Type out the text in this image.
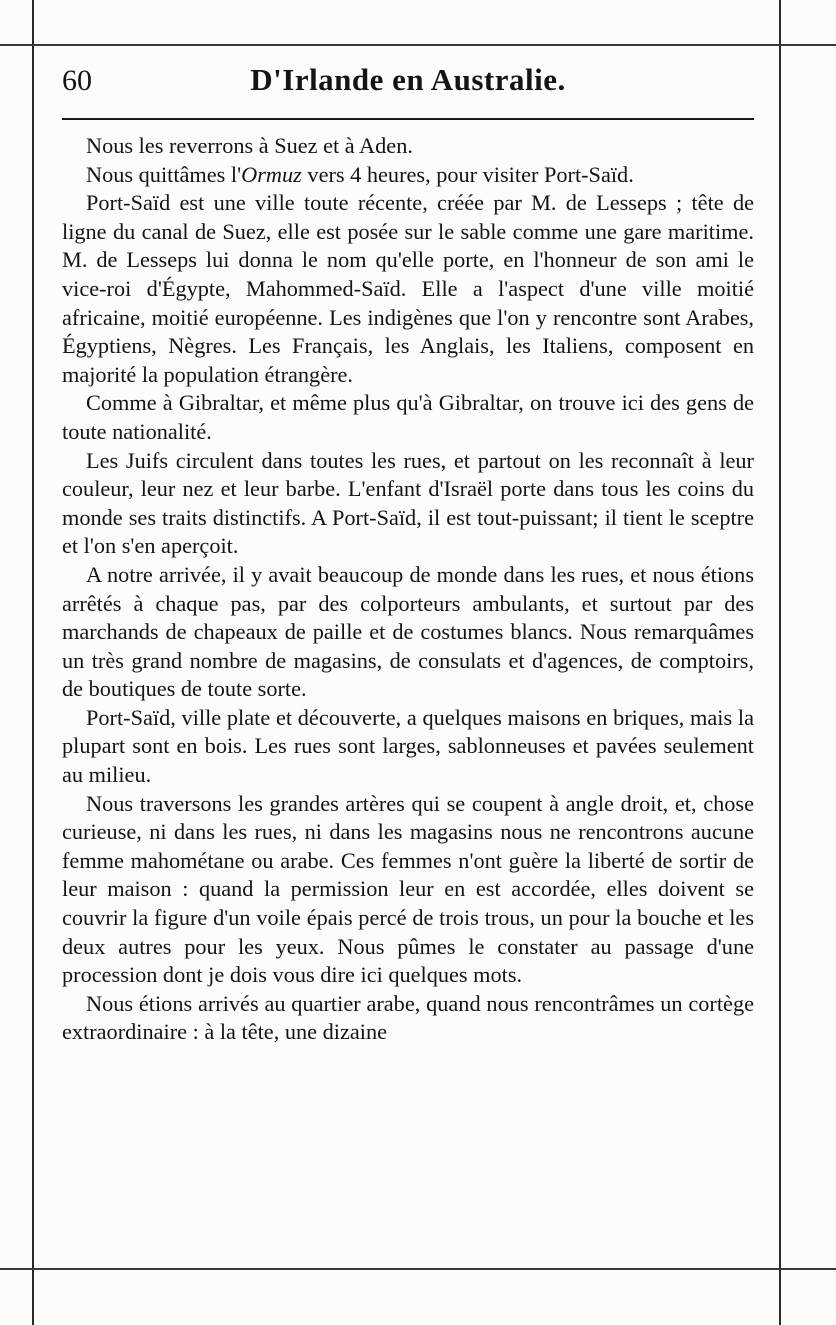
60	D'Irlande en Australie.

Nous les reverrons à Suez et à Aden.

Nous quittâmes l'Ormuz vers 4 heures, pour visiter Port-Saïd.

Port-Saïd est une ville toute récente, créée par M. de Lesseps ; tête de ligne du canal de Suez, elle est posée sur le sable comme une gare maritime. M. de Lesseps lui donna le nom qu'elle porte, en l'honneur de son ami le vice-roi d'Égypte, Mahommed-Saïd. Elle a l'aspect d'une ville moitié africaine, moitié européenne. Les indigènes que l'on y rencontre sont Arabes, Égyptiens, Nègres. Les Français, les Anglais, les Italiens, composent en majorité la population étrangère.

Comme à Gibraltar, et même plus qu'à Gibraltar, on trouve ici des gens de toute nationalité.

Les Juifs circulent dans toutes les rues, et partout on les reconnaît à leur couleur, leur nez et leur barbe. L'enfant d'Israël porte dans tous les coins du monde ses traits distinctifs. A Port-Saïd, il est tout-puissant; il tient le sceptre et l'on s'en aperçoit.

A notre arrivée, il y avait beaucoup de monde dans les rues, et nous étions arrêtés à chaque pas, par des colporteurs ambulants, et surtout par des marchands de chapeaux de paille et de costumes blancs. Nous remarquâmes un très grand nombre de magasins, de consulats et d'agences, de comptoirs, de boutiques de toute sorte.

Port-Saïd, ville plate et découverte, a quelques maisons en briques, mais la plupart sont en bois. Les rues sont larges, sablonneuses et pavées seulement au milieu.

Nous traversons les grandes artères qui se coupent à angle droit, et, chose curieuse, ni dans les rues, ni dans les magasins nous ne rencontrons aucune femme mahométane ou arabe. Ces femmes n'ont guère la liberté de sortir de leur maison : quand la permission leur en est accordée, elles doivent se couvrir la figure d'un voile épais percé de trois trous, un pour la bouche et les deux autres pour les yeux. Nous pûmes le constater au passage d'une procession dont je dois vous dire ici quelques mots.

Nous étions arrivés au quartier arabe, quand nous rencontrâmes un cortège extraordinaire : à la tête, une dizaine
